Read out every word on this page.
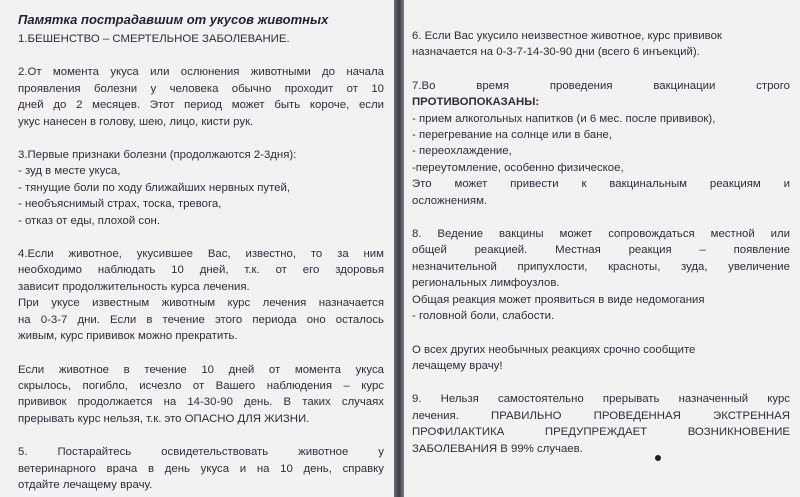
Памятка пострадавшим от укусов животных

1.БЕШЕНСТВО – СМЕРТЕЛЬНОЕ ЗАБОЛЕВАНИЕ.

2.От момента укуса или ослюнения животными до начала

проявления болезни у человека обычно проходит от 10

дней до 2 месяцев. Этот период может быть короче, если

укус нанесен в голову, шею, лицо, кисти рук.

3.Первые признаки болезни (продолжаются 2-3дня):

- зуд в месте укуса,

- тянущие боли по ходу ближайших нервных путей,

- необъяснимый страх, тоска, тревога,

- отказ от еды, плохой сон.

4.Если животное, укусившее Вас, известно, то за ним

необходимо наблюдать 10 дней, т.к. от его здоровья

зависит продолжительность курса лечения.

При укусе известным животным курс лечения назначается

на 0-3-7 дни. Если в течение этого периода оно осталось

живым, курс прививок можно прекратить.

Если животное в течение 10 дней от момента укуса

скрылось, погибло, исчезло от Вашего наблюдения – курс

прививок продолжается на 14-30-90 день. В таких случаях

прерывать курс нельзя, т.к. это ОПАСНО ДЛЯ ЖИЗНИ.

5. Постарайтесь освидетельствовать животное у

ветеринарного врача в день укуса и на 10 день, справку

отдайте лечащему врачу.

6. Если Вас укусило неизвестное животное, курс прививок

назначается на 0-3-7-14-30-90 дни (всего 6 инъекций).

7.Во время проведения вакцинации строго

ПРОТИВОПОКАЗАНЫ:

- прием алкогольных напитков (и 6 мес. после прививок),

- перегревание на солнце или в бане,

- переохлаждение,

-переутомление, особенно физическое,

Это может привести к вакцинальным реакциям и

осложнениям.

8. Ведение вакцины может сопровождаться местной или

общей реакцией. Местная реакция – появление

незначительной припухлости, красноты, зуда, увеличение

региональных лимфоузлов.

Общая реакция может проявиться в виде недомогания

- головной боли, слабости.

О всех других необычных реакциях срочно сообщите

лечащему врачу!

9. Нельзя самостоятельно прерывать назначенный курс

лечения. ПРАВИЛЬНО ПРОВЕДЕННАЯ ЭКСТРЕННАЯ

ПРОФИЛАКТИКА ПРЕДУПРЕЖДАЕТ ВОЗНИКНОВЕНИЕ

ЗАБОЛЕВАНИЯ В 99% случаев.
